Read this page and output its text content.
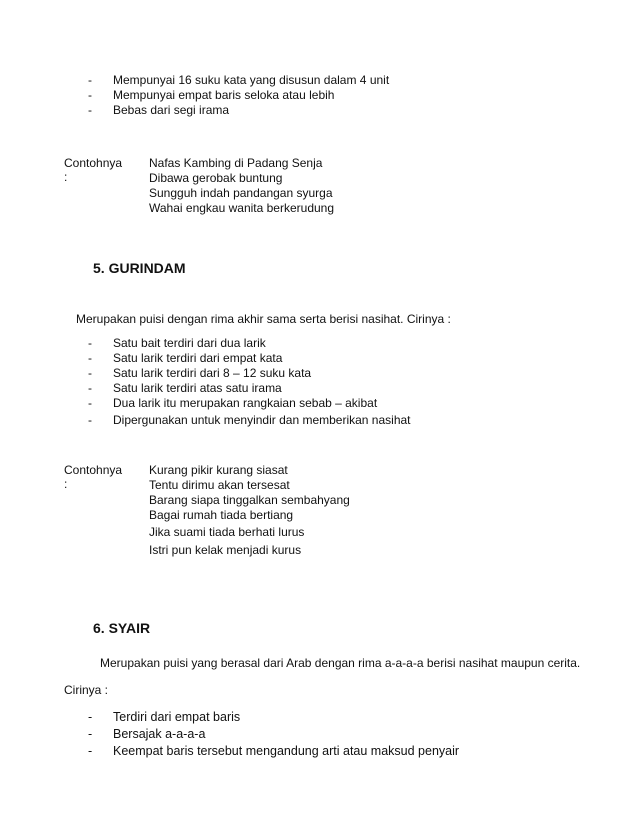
-	Mempunyai 16 suku kata yang disusun dalam 4 unit
-	Mempunyai empat baris seloka atau lebih
-	Bebas dari segi irama
Contohnya :
Nafas Kambing di Padang Senja
Dibawa gerobak buntung
Sungguh indah pandangan syurga
Wahai engkau wanita berkerudung
5. GURINDAM
Merupakan puisi dengan rima akhir sama serta berisi nasihat. Cirinya :
-	Satu bait terdiri dari dua larik
-	Satu larik terdiri dari empat kata
-	Satu larik terdiri dari 8 – 12 suku kata
-	Satu larik terdiri atas satu irama
-	Dua larik itu merupakan rangkaian sebab – akibat
-	Dipergunakan untuk menyindir dan memberikan nasihat
Contohnya :
Kurang pikir kurang siasat
Tentu dirimu akan tersesat
Barang siapa tinggalkan sembahyang
Bagai rumah tiada bertiang
Jika suami tiada berhati lurus
Istri pun kelak menjadi kurus
6. SYAIR
Merupakan puisi yang berasal dari Arab dengan rima a-a-a-a berisi nasihat maupun cerita.
Cirinya :
-	Terdiri dari empat baris
-	Bersajak a-a-a-a
-	Keempat baris tersebut mengandung arti atau maksud penyair
